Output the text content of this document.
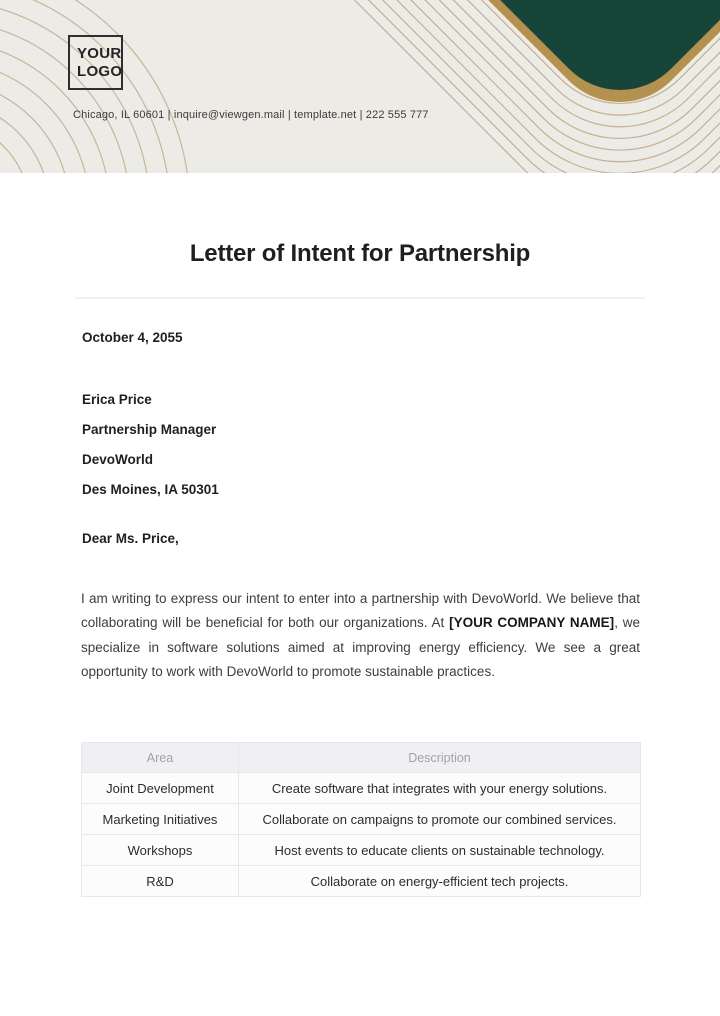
YOUR
LOGO
Chicago, IL 60601 | inquire@viewgen.mail | template.net | 222 555 777
Letter of Intent for Partnership

October 4, 2055

Erica Price
Partnership Manager
DevoWorld
Des Moines, IA 50301

Dear Ms. Price,

I am writing to express our intent to enter into a partnership with DevoWorld. We believe that collaborating will be beneficial for both our organizations. At [YOUR COMPANY NAME], we specialize in software solutions aimed at improving energy efficiency. We see a great opportunity to work with DevoWorld to promote sustainable practices.

Area	Description
Joint Development	Create software that integrates with your energy solutions.
Marketing Initiatives	Collaborate on campaigns to promote our combined services.
Workshops	Host events to educate clients on sustainable technology.
R&D	Collaborate on energy-efficient tech projects.
